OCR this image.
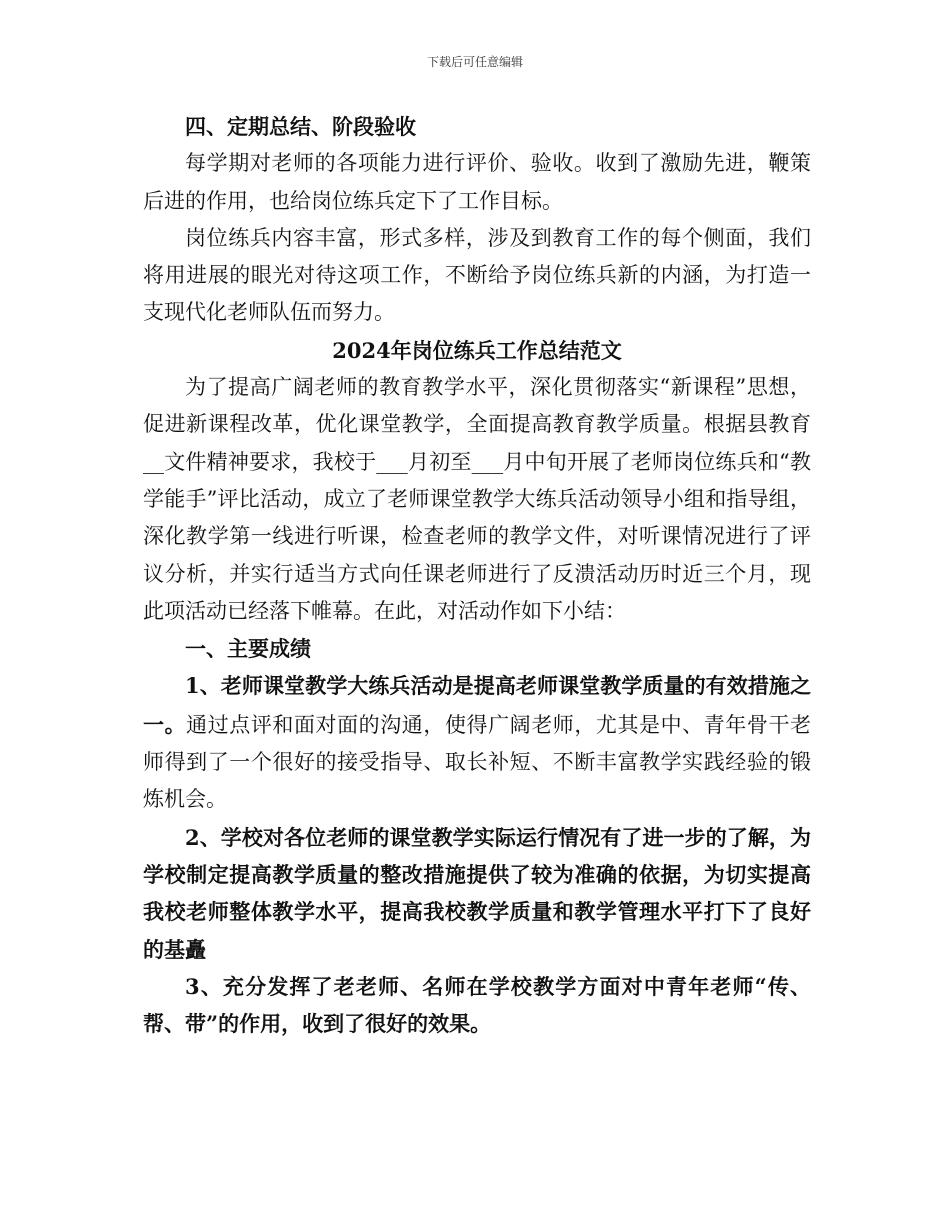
下载后可任意编辑

四、定期总结、阶段验收

每学期对老师的各项能力进行评价、验收。收到了激励先进，鞭策后进的作用，也给岗位练兵定下了工作目标。

岗位练兵内容丰富，形式多样，涉及到教育工作的每个侧面，我们将用进展的眼光对待这项工作，不断给予岗位练兵新的内涵，为打造一支现代化老师队伍而努力。

2024年岗位练兵工作总结范文

为了提高广阔老师的教育教学水平，深化贯彻落实“新课程”思想，促进新课程改革，优化课堂教学，全面提高教育教学质量。根据县教育__文件精神要求，我校于___月初至___月中旬开展了老师岗位练兵和“教学能手”评比活动，成立了老师课堂教学大练兵活动领导小组和指导组，深化教学第一线进行听课，检查老师的教学文件，对听课情况进行了评议分析，并实行适当方式向任课老师进行了反溃活动历时近三个月，现此项活动已经落下帷幕。在此，对活动作如下小结：

一、主要成绩

1、老师课堂教学大练兵活动是提高老师课堂教学质量的有效措施之一。通过点评和面对面的沟通，使得广阔老师，尤其是中、青年骨干老师得到了一个很好的接受指导、取长补短、不断丰富教学实践经验的锻炼机会。

2、学校对各位老师的课堂教学实际运行情况有了进一步的了解，为学校制定提高教学质量的整改措施提供了较为准确的依据，为切实提高我校老师整体教学水平，提高我校教学质量和教学管理水平打下了良好的基矗

3、充分发挥了老老师、名师在学校教学方面对中青年老师“传、帮、带”的作用，收到了很好的效果。
